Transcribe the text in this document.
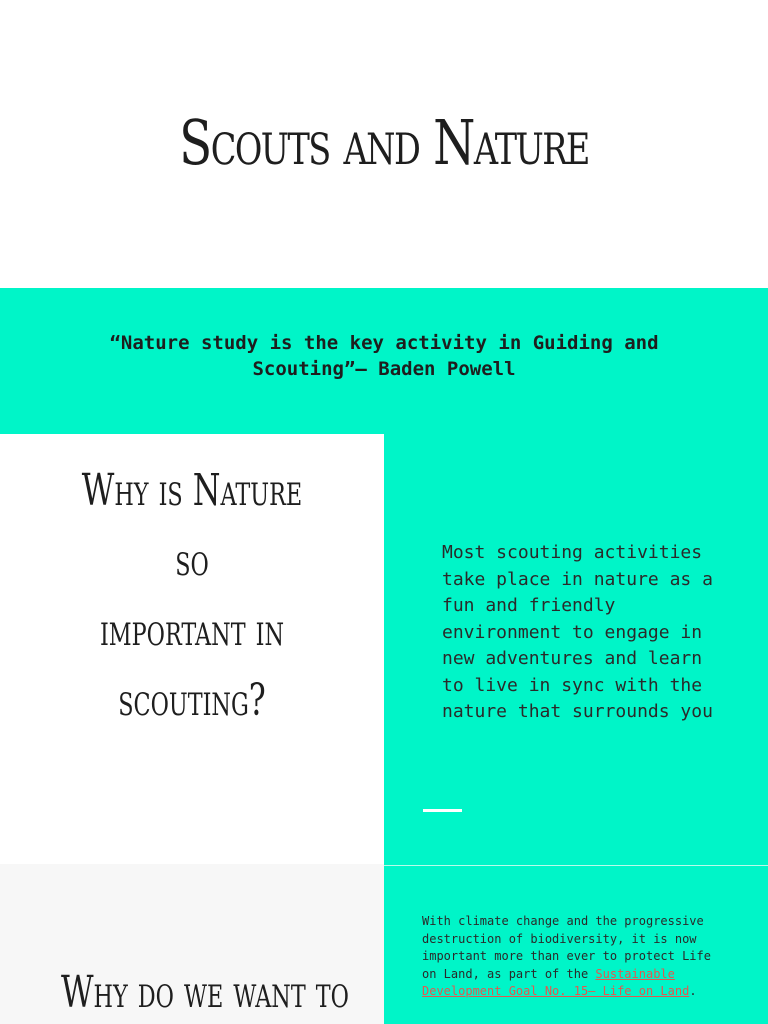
Scouts and Nature
“Nature study is the key activity in Guiding and
Scouting”– Baden Powell
Why is Nature so
important in
scouting?

Most scouting activities
take place in nature as a
fun and friendly
environment to engage in
new adventures and learn
to live in sync with the
nature that surrounds you

Why do we want to

With climate change and the progressive
destruction of biodiversity, it is now
important more than ever to protect Life
on Land, as part of the Sustainable
Development Goal No. 15– Life on Land.
